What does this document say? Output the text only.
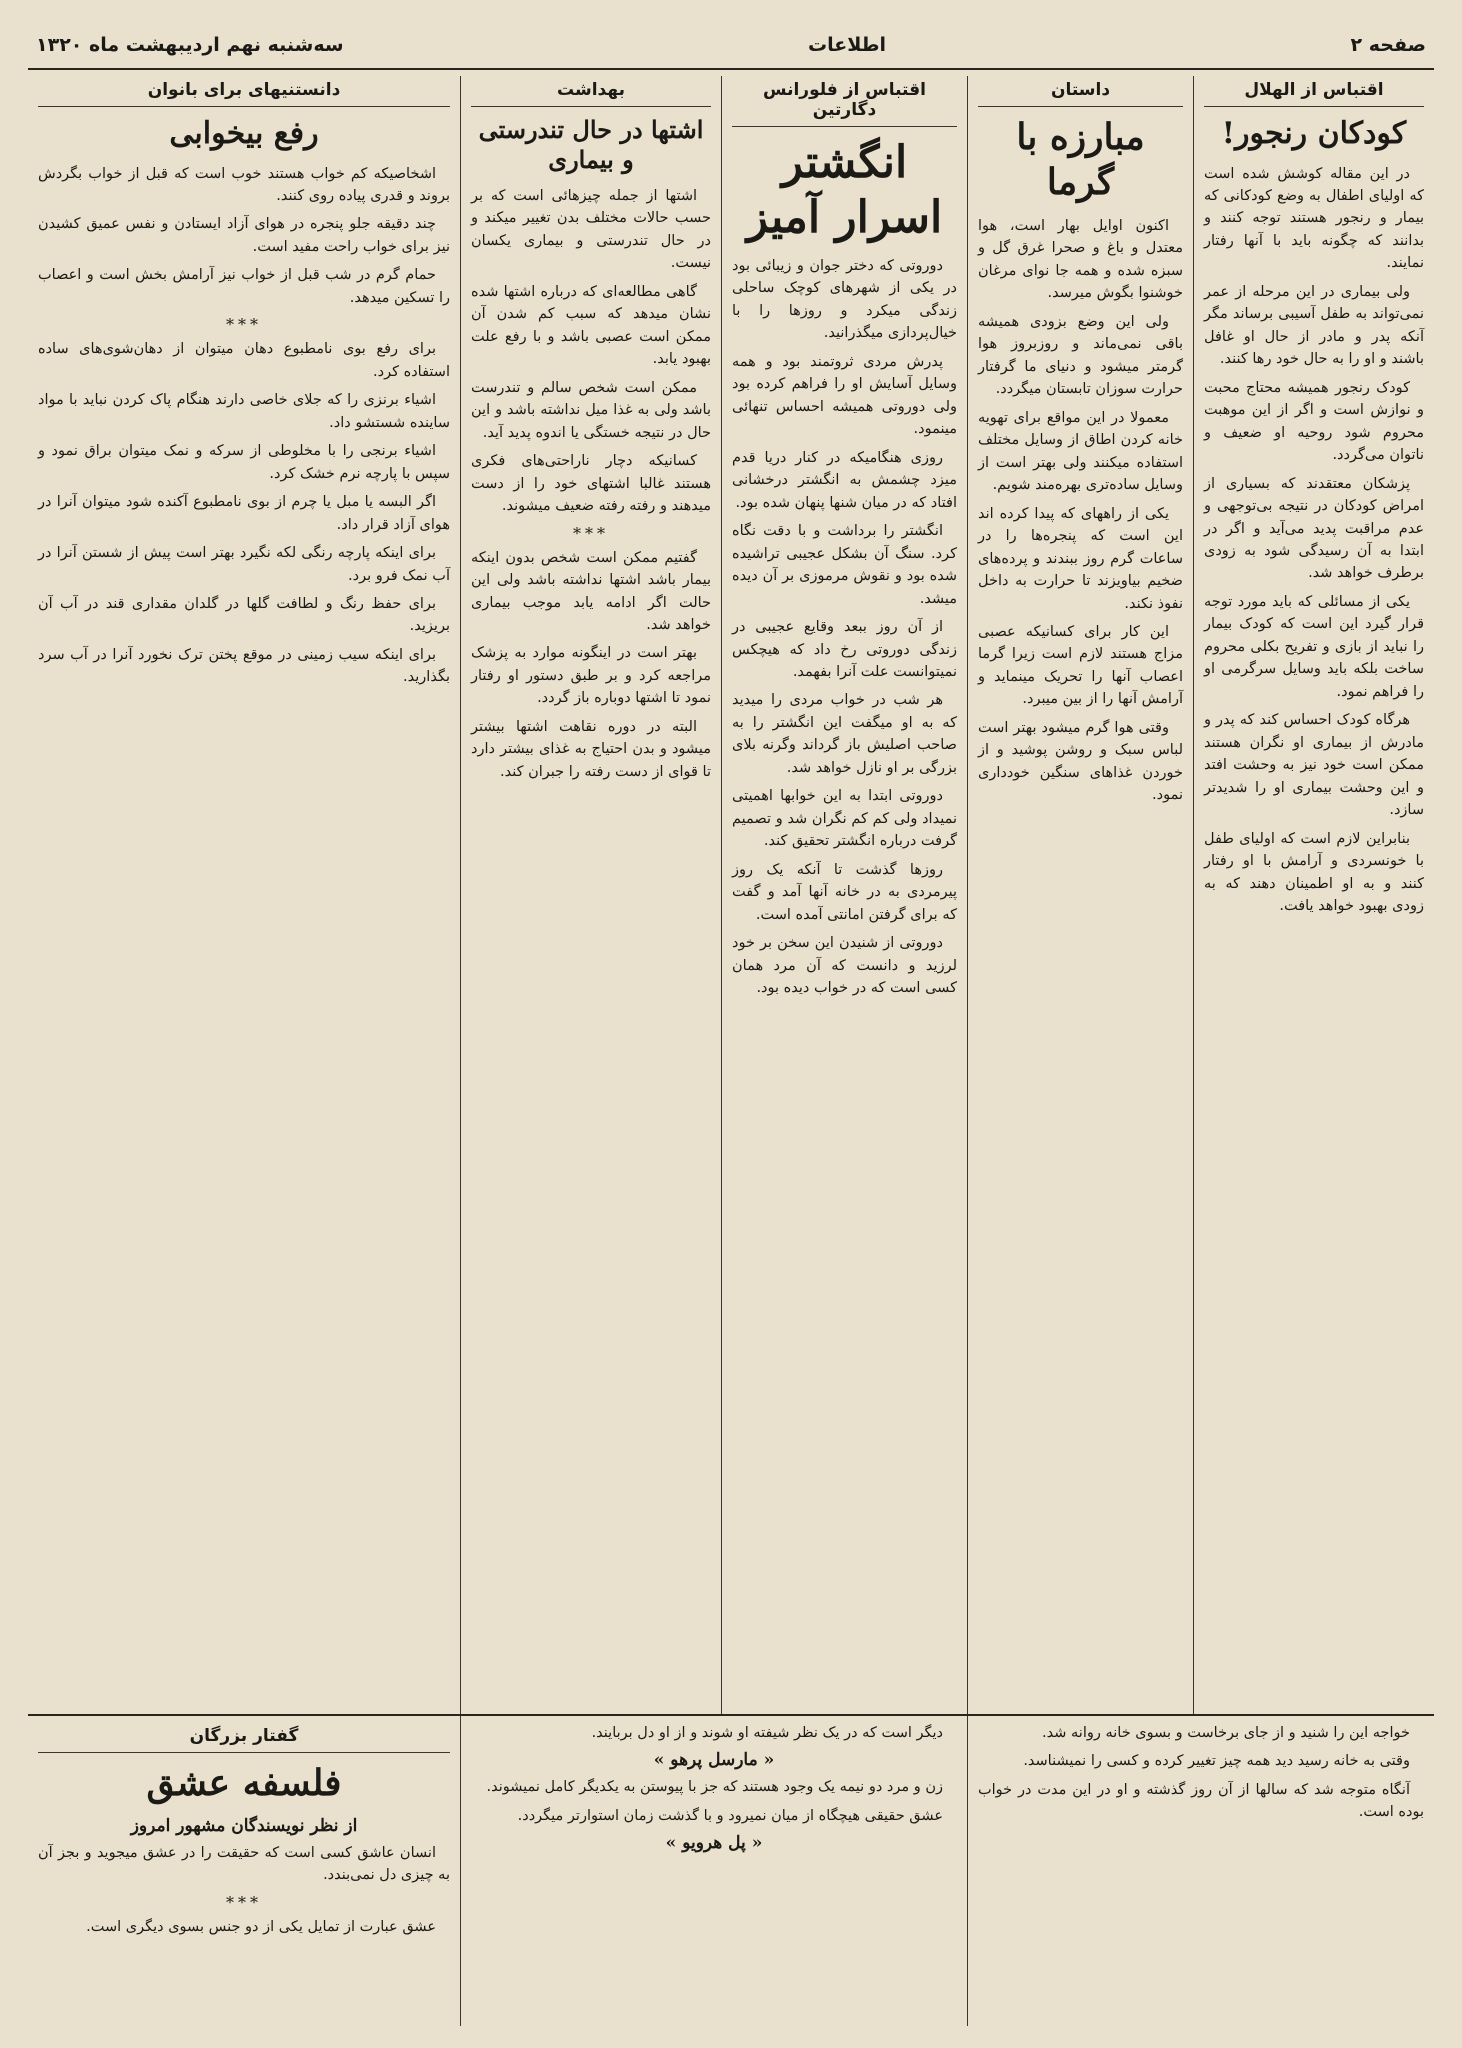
صفحه ۲
اطلاعات
سه‌شنبه نهم اردیبهشت ماه ۱۳۲۰
اقتباس از الهلال
کودکان رنجور!

در این مقاله کوشش شده است که اولیای اطفال به وضع کودکانی که بیمار و رنجور هستند توجه کنند و بدانند که چگونه باید با آنها رفتار نمایند.

ولی بیماری در این مرحله از عمر نمی‌تواند به طفل آسیبی برساند مگر آنکه پدر و مادر از حال او غافل باشند و او را به حال خود رها کنند.

کودک رنجور همیشه محتاج محبت و نوازش است و اگر از این موهبت محروم شود روحیه او ضعیف و ناتوان می‌گردد.

پزشکان معتقدند که بسیاری از امراض کودکان در نتیجه بی‌توجهی و عدم مراقبت پدید می‌آید و اگر در ابتدا به آن رسیدگی شود به زودی برطرف خواهد شد.

یکی از مسائلی که باید مورد توجه قرار گیرد این است که کودک بیمار را نباید از بازی و تفریح بکلی محروم ساخت بلکه باید وسایل سرگرمی او را فراهم نمود.

هرگاه کودک احساس کند که پدر و مادرش از بیماری او نگران هستند ممکن است خود نیز به وحشت افتد و این وحشت بیماری او را شدیدتر سازد.

بنابراین لازم است که اولیای طفل با خونسردی و آرامش با او رفتار کنند و به او اطمینان دهند که به زودی بهبود خواهد یافت.

داستان
مبارزه با گرما

اکنون اوایل بهار است، هوا معتدل و باغ و صحرا غرق گل و سبزه شده و همه جا نوای مرغان خوشنوا بگوش میرسد.

ولی این وضع بزودی همیشه باقی نمی‌ماند و روزبروز هوا گرمتر میشود و دنیای ما گرفتار حرارت سوزان تابستان میگردد.

معمولا در این مواقع برای تهویه خانه کردن اطاق از وسایل مختلف استفاده میکنند ولی بهتر است از وسایل ساده‌تری بهره‌مند شویم.

یکی از راههای که پیدا کرده اند این است که پنجره‌ها را در ساعات گرم روز ببندند و پرده‌های ضخیم بیاویزند تا حرارت به داخل نفوذ نکند.

این کار برای کسانیکه عصبی مزاج هستند لازم است زیرا گرما اعصاب آنها را تحریک مینماید و آرامش آنها را از بین میبرد.

وقتی هوا گرم میشود بهتر است لباس سبک و روشن پوشید و از خوردن غذاهای سنگین خودداری نمود.

اقتباس از فلورانس دگارتین
انگشتر اسرار آمیز

دوروتی که دختر جوان و زیبائی بود در یکی از شهرهای کوچک ساحلی زندگی میکرد و روزها را با خیال‌پردازی میگذرانید.

پدرش مردی ثروتمند بود و همه وسایل آسایش او را فراهم کرده بود ولی دوروتی همیشه احساس تنهائی مینمود.

روزی هنگامیکه در کنار دریا قدم میزد چشمش به انگشتر درخشانی افتاد که در میان شنها پنهان شده بود.

انگشتر را برداشت و با دقت نگاه کرد. سنگ آن بشکل عجیبی تراشیده شده بود و نقوش مرموزی بر آن دیده میشد.

از آن روز ببعد وقایع عجیبی در زندگی دوروتی رخ داد که هیچکس نمیتوانست علت آنرا بفهمد.

هر شب در خواب مردی را میدید که به او میگفت این انگشتر را به صاحب اصلیش باز گرداند وگرنه بلای بزرگی بر او نازل خواهد شد.

دوروتی ابتدا به این خوابها اهمیتی نمیداد ولی کم کم نگران شد و تصمیم گرفت درباره انگشتر تحقیق کند.

روزها گذشت تا آنکه یک روز پیرمردی به در خانه آنها آمد و گفت که برای گرفتن امانتی آمده است.

دوروتی از شنیدن این سخن بر خود لرزید و دانست که آن مرد همان کسی است که در خواب دیده بود.

بهداشت
اشتها در حال تندرستی و بیماری

اشتها از جمله چیزهائی است که بر حسب حالات مختلف بدن تغییر میکند و در حال تندرستی و بیماری یکسان نیست.

گاهی مطالعه‌ای که درباره اشتها شده نشان میدهد که سبب کم شدن آن ممکن است عصبی باشد و با رفع علت بهبود یابد.

ممکن است شخص سالم و تندرست باشد ولی به غذا میل نداشته باشد و این حال در نتیجه خستگی یا اندوه پدید آید.

کسانیکه دچار ناراحتی‌های فکری هستند غالبا اشتهای خود را از دست میدهند و رفته رفته ضعیف میشوند.

***

گفتیم ممکن است شخص بدون اینکه بیمار باشد اشتها نداشته باشد ولی این حالت اگر ادامه یابد موجب بیماری خواهد شد.

بهتر است در اینگونه موارد به پزشک مراجعه کرد و بر طبق دستور او رفتار نمود تا اشتها دوباره باز گردد.

البته در دوره نقاهت اشتها بیشتر میشود و بدن احتیاج به غذای بیشتر دارد تا قوای از دست رفته را جبران کند.

دانستنیهای برای بانوان
رفع بیخوابی

اشخاصیکه کم خواب هستند خوب است که قبل از خواب بگردش بروند و قدری پیاده روی کنند.

چند دقیقه جلو پنجره در هوای آزاد ایستادن و نفس عمیق کشیدن نیز برای خواب راحت مفید است.

حمام گرم در شب قبل از خواب نیز آرامش بخش است و اعصاب را تسکین میدهد.

***

برای رفع بوی نامطبوع دهان میتوان از دهان‌شوی‌های ساده استفاده کرد.

اشیاء برنزی را که جلای خاصی دارند هنگام پاک کردن نباید با مواد ساینده شستشو داد.

اشیاء برنجی را با مخلوطی از سرکه و نمک میتوان براق نمود و سپس با پارچه نرم خشک کرد.

اگر البسه یا مبل یا چرم از بوی نامطبوع آکنده شود میتوان آنرا در هوای آزاد قرار داد.

برای اینکه پارچه رنگی لکه نگیرد بهتر است پیش از شستن آنرا در آب نمک فرو برد.

برای حفظ رنگ و لطافت گلها در گلدان مقداری قند در آب آن بریزید.

برای اینکه سیب زمینی در موقع پختن ترک نخورد آنرا در آب سرد بگذارید.

خواجه این را شنید و از جای برخاست و بسوی خانه روانه شد.

وقتی به خانه رسید دید همه چیز تغییر کرده و کسی را نمیشناسد.

آنگاه متوجه شد که سالها از آن روز گذشته و او در این مدت در خواب بوده است.

دیگر است که در یک نظر شیفته او شوند و از او دل بربایند.

« مارسل پرهو »

زن و مرد دو نیمه یک وجود هستند که جز با پیوستن به یکدیگر کامل نمیشوند.

عشق حقیقی هیچگاه از میان نمیرود و با گذشت زمان استوارتر میگردد.

« پل هرویو »
گفتار بزرگان
فلسفه عشق
از نظر نویسندگان مشهور امروز

انسان عاشق کسی است که حقیقت را در عشق میجوید و بجز آن به چیزی دل نمی‌بندد.

***

عشق عبارت از تمایل یکی از دو جنس بسوی دیگری است.
